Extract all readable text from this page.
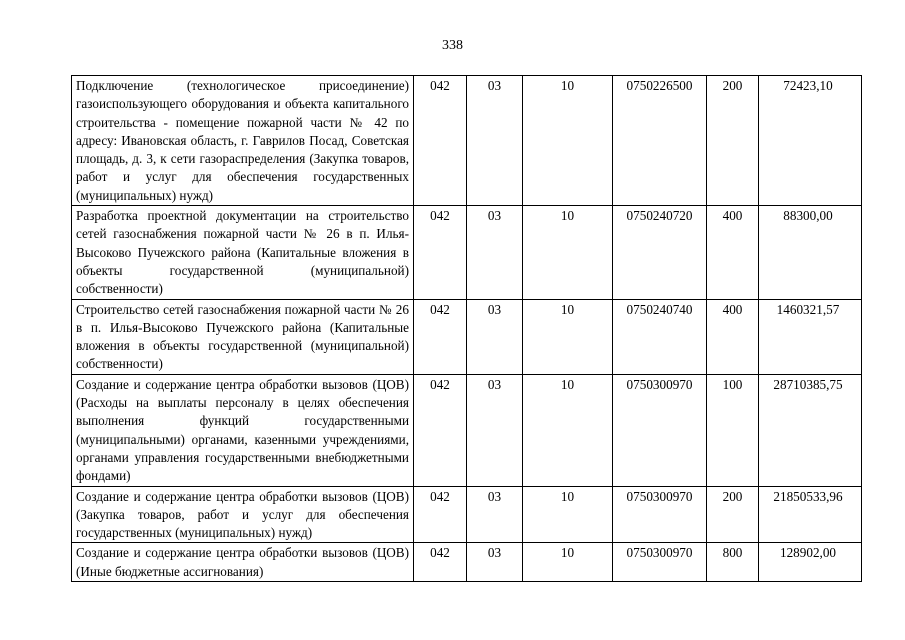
338
Подключение (технологическое присоединение) газоиспользующего оборудования и объекта капитального строительства - помещение пожарной части № 42 по адресу: Ивановская область, г. Гаврилов Посад, Советская площадь, д. 3, к сети газораспределения (Закупка товаров, работ и услуг для обеспечения государственных (муниципальных) нужд)	042	03	10	0750226500	200	72423,10
Разработка проектной документации на строительство сетей газоснабжения пожарной части № 26 в п. Илья-Высоково Пучежского района (Капитальные вложения в объекты государственной (муниципальной) собственности)	042	03	10	0750240720	400	88300,00
Строительство сетей газоснабжения пожарной части № 26 в п. Илья-Высоково Пучежского района (Капитальные вложения в объекты государственной (муниципальной) собственности)	042	03	10	0750240740	400	1460321,57
Создание и содержание центра обработки вызовов (ЦОВ) (Расходы на выплаты персоналу в целях обеспечения выполнения функций государственными (муниципальными) органами, казенными учреждениями, органами управления государственными внебюджетными фондами)	042	03	10	0750300970	100	28710385,75
Создание и содержание центра обработки вызовов (ЦОВ) (Закупка товаров, работ и услуг для обеспечения государственных (муниципальных) нужд)	042	03	10	0750300970	200	21850533,96
Создание и содержание центра обработки вызовов (ЦОВ) (Иные бюджетные ассигнования)	042	03	10	0750300970	800	128902,00
